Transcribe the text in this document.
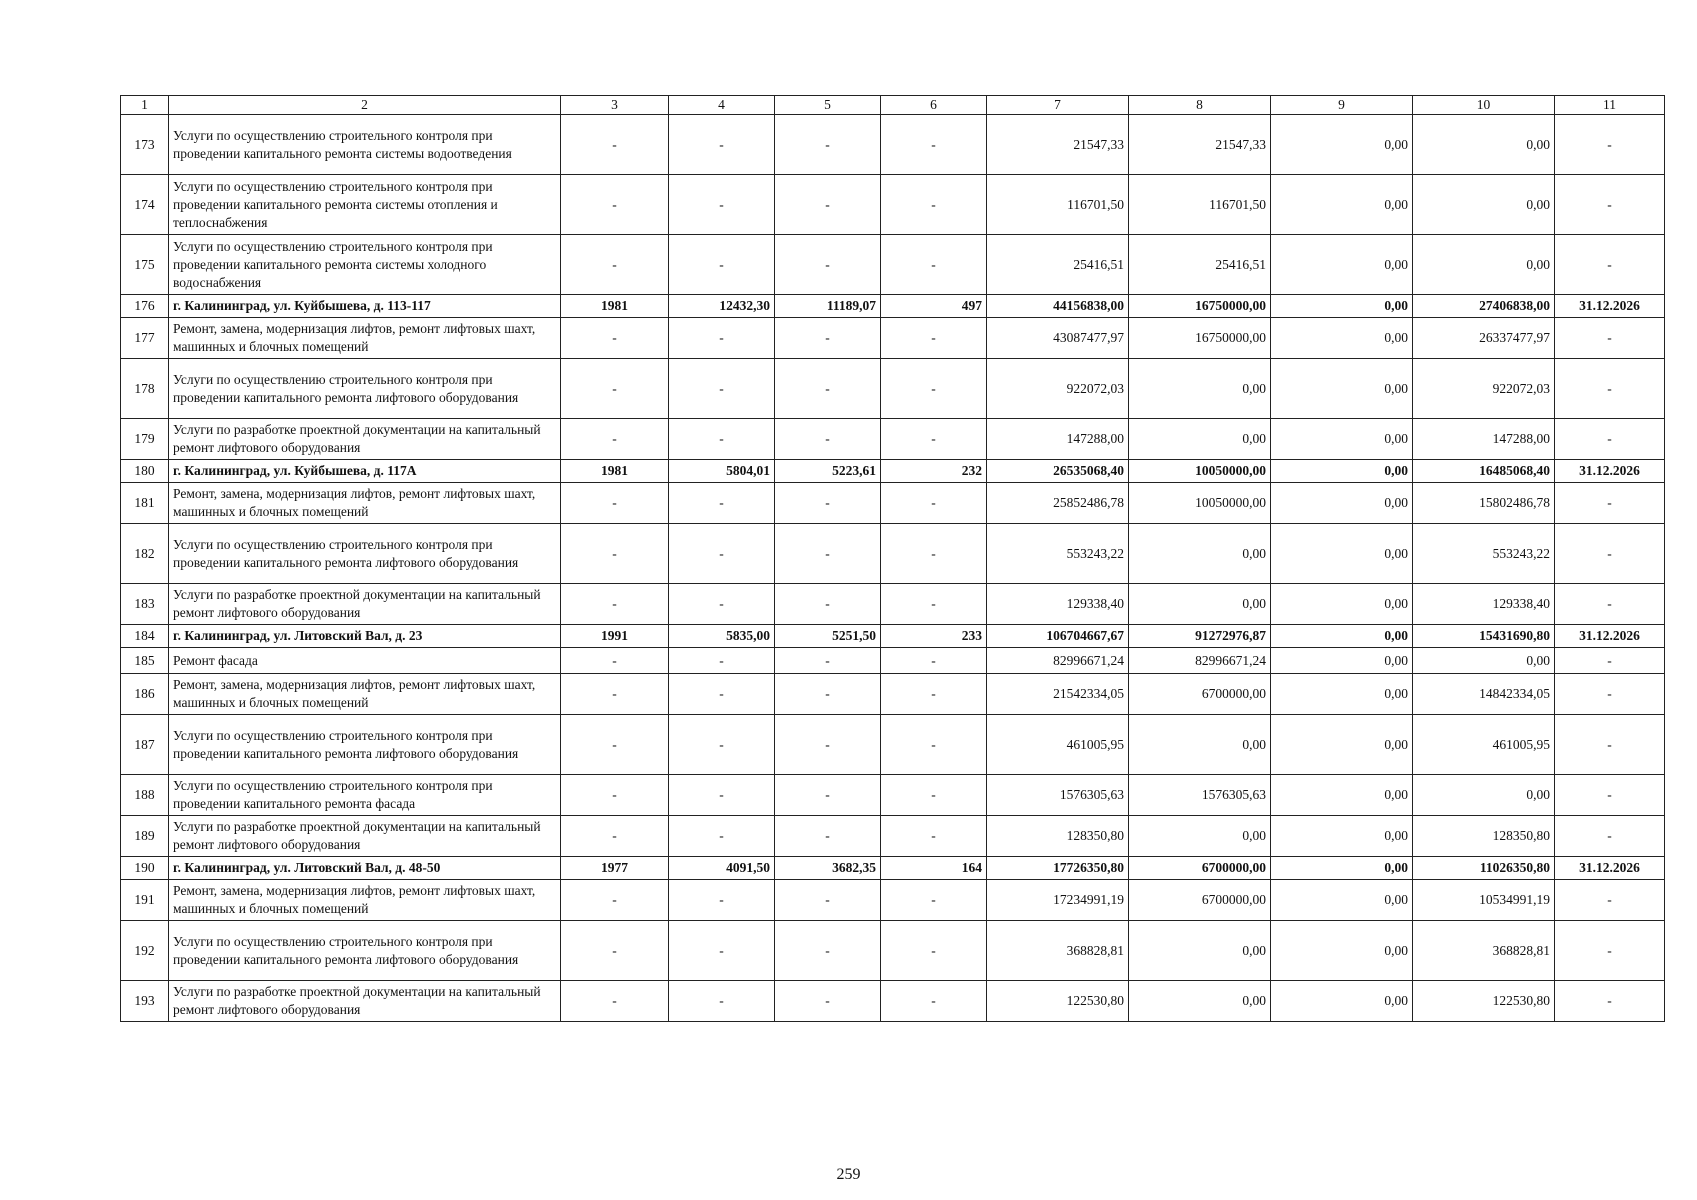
1	2	3	4	5	6	7	8	9	10	11
173	Услуги по осуществлению строительного контроля при проведении капитального ремонта системы водоотведения	-	-	-	-	21547,33	21547,33	0,00	0,00	-
174	Услуги по осуществлению строительного контроля при проведении капитального ремонта системы отопления и теплоснабжения	-	-	-	-	116701,50	116701,50	0,00	0,00	-
175	Услуги по осуществлению строительного контроля при проведении капитального ремонта системы холодного водоснабжения	-	-	-	-	25416,51	25416,51	0,00	0,00	-
176	г. Калининград, ул. Куйбышева, д. 113-117	1981	12432,30	11189,07	497	44156838,00	16750000,00	0,00	27406838,00	31.12.2026
177	Ремонт, замена, модернизация лифтов, ремонт лифтовых шахт, машинных и блочных помещений	-	-	-	-	43087477,97	16750000,00	0,00	26337477,97	-
178	Услуги по осуществлению строительного контроля при проведении капитального ремонта лифтового оборудования	-	-	-	-	922072,03	0,00	0,00	922072,03	-
179	Услуги по разработке проектной документации на капитальный ремонт лифтового оборудования	-	-	-	-	147288,00	0,00	0,00	147288,00	-
180	г. Калининград, ул. Куйбышева, д. 117А	1981	5804,01	5223,61	232	26535068,40	10050000,00	0,00	16485068,40	31.12.2026
181	Ремонт, замена, модернизация лифтов, ремонт лифтовых шахт, машинных и блочных помещений	-	-	-	-	25852486,78	10050000,00	0,00	15802486,78	-
182	Услуги по осуществлению строительного контроля при проведении капитального ремонта лифтового оборудования	-	-	-	-	553243,22	0,00	0,00	553243,22	-
183	Услуги по разработке проектной документации на капитальный ремонт лифтового оборудования	-	-	-	-	129338,40	0,00	0,00	129338,40	-
184	г. Калининград, ул. Литовский Вал, д. 23	1991	5835,00	5251,50	233	106704667,67	91272976,87	0,00	15431690,80	31.12.2026
185	Ремонт фасада	-	-	-	-	82996671,24	82996671,24	0,00	0,00	-
186	Ремонт, замена, модернизация лифтов, ремонт лифтовых шахт, машинных и блочных помещений	-	-	-	-	21542334,05	6700000,00	0,00	14842334,05	-
187	Услуги по осуществлению строительного контроля при проведении капитального ремонта лифтового оборудования	-	-	-	-	461005,95	0,00	0,00	461005,95	-
188	Услуги по осуществлению строительного контроля при проведении капитального ремонта фасада	-	-	-	-	1576305,63	1576305,63	0,00	0,00	-
189	Услуги по разработке проектной документации на капитальный ремонт лифтового оборудования	-	-	-	-	128350,80	0,00	0,00	128350,80	-
190	г. Калининград, ул. Литовский Вал, д. 48-50	1977	4091,50	3682,35	164	17726350,80	6700000,00	0,00	11026350,80	31.12.2026
191	Ремонт, замена, модернизация лифтов, ремонт лифтовых шахт, машинных и блочных помещений	-	-	-	-	17234991,19	6700000,00	0,00	10534991,19	-
192	Услуги по осуществлению строительного контроля при проведении капитального ремонта лифтового оборудования	-	-	-	-	368828,81	0,00	0,00	368828,81	-
193	Услуги по разработке проектной документации на капитальный ремонт лифтового оборудования	-	-	-	-	122530,80	0,00	0,00	122530,80	-
259
